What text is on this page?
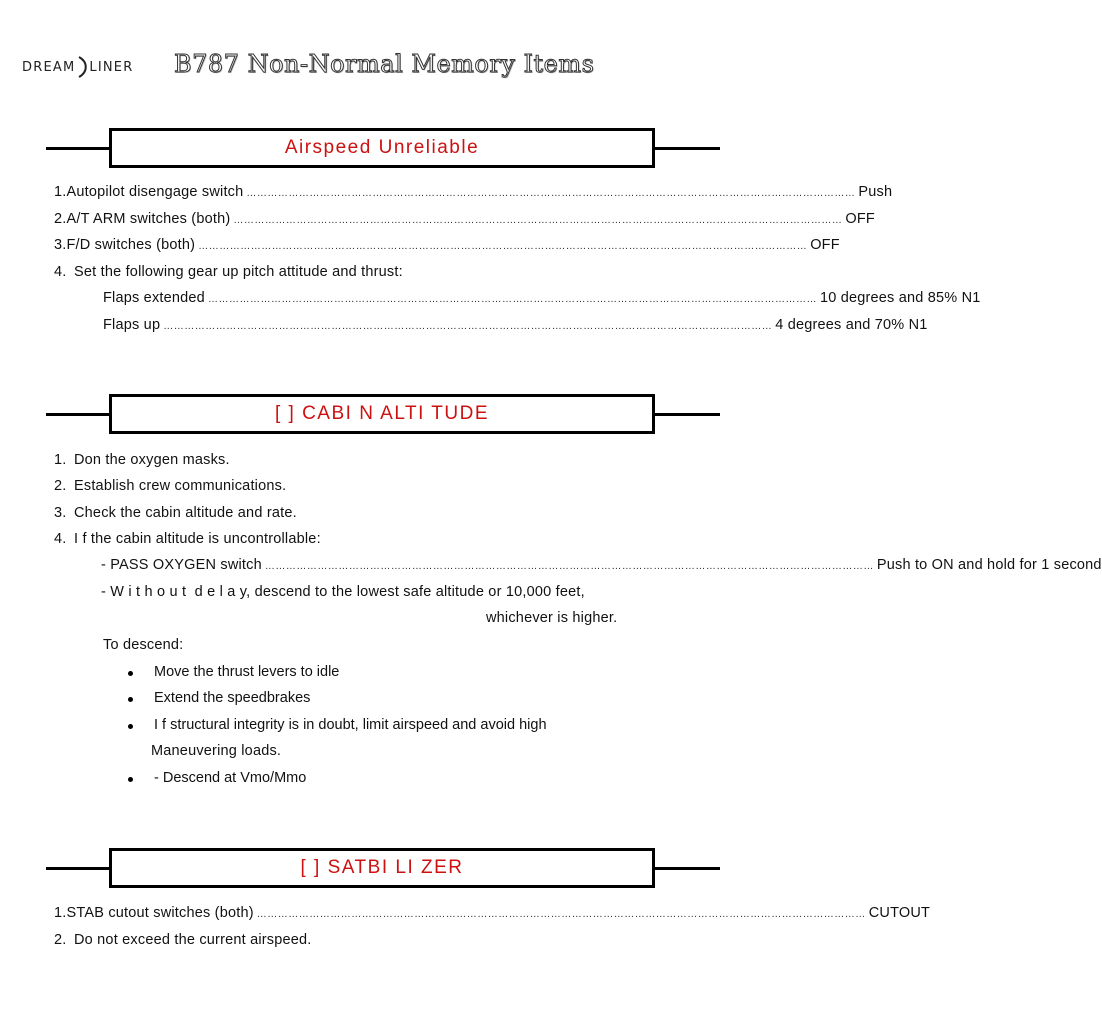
DREAM LINER B787 Non-Normal Memory Items
Airspeed Unreliable
1. Autopilot disengage switch ………………………………………………………………………………………………………………………………………………………… Push
2. A/T ARM switches (both) ………………………………………………………………………………………………………………………………………………………… OFF
3. F/D switches (both) ………………………………………………………………………………………………………………………………………………………… OFF
4. Set the following gear up pitch attitude and thrust:
Flaps extended ………………………………………………………………………………………………………………………………………………………… 10 degrees and 85% N1
Flaps up ………………………………………………………………………………………………………………………………………………………… 4 degrees and 70% N1
[ ] CABI N ALTI TUDE
1. Don the oxygen masks.
2. Establish crew communications.
3. Check the cabin altitude and rate.
4. I f the cabin altitude is uncontrollable:
- PASS OXYGEN switch ………………………………………………………………………………………………………………………………………………………… Push to ON and hold for 1 second
- W i t h o u t  d e l a y, descend to the lowest safe altitude or 10,000 feet,
whichever is higher.
To descend:
Move the thrust levers to idle
Extend the speedbrakes
I f structural integrity is in doubt, limit airspeed and avoid high
Maneuvering loads.
- Descend at Vmo/Mmo
[ ] SATBI LI ZER
1. STAB cutout switches (both) ………………………………………………………………………………………………………………………………………………………… CUTOUT
2. Do not exceed the current airspeed.
